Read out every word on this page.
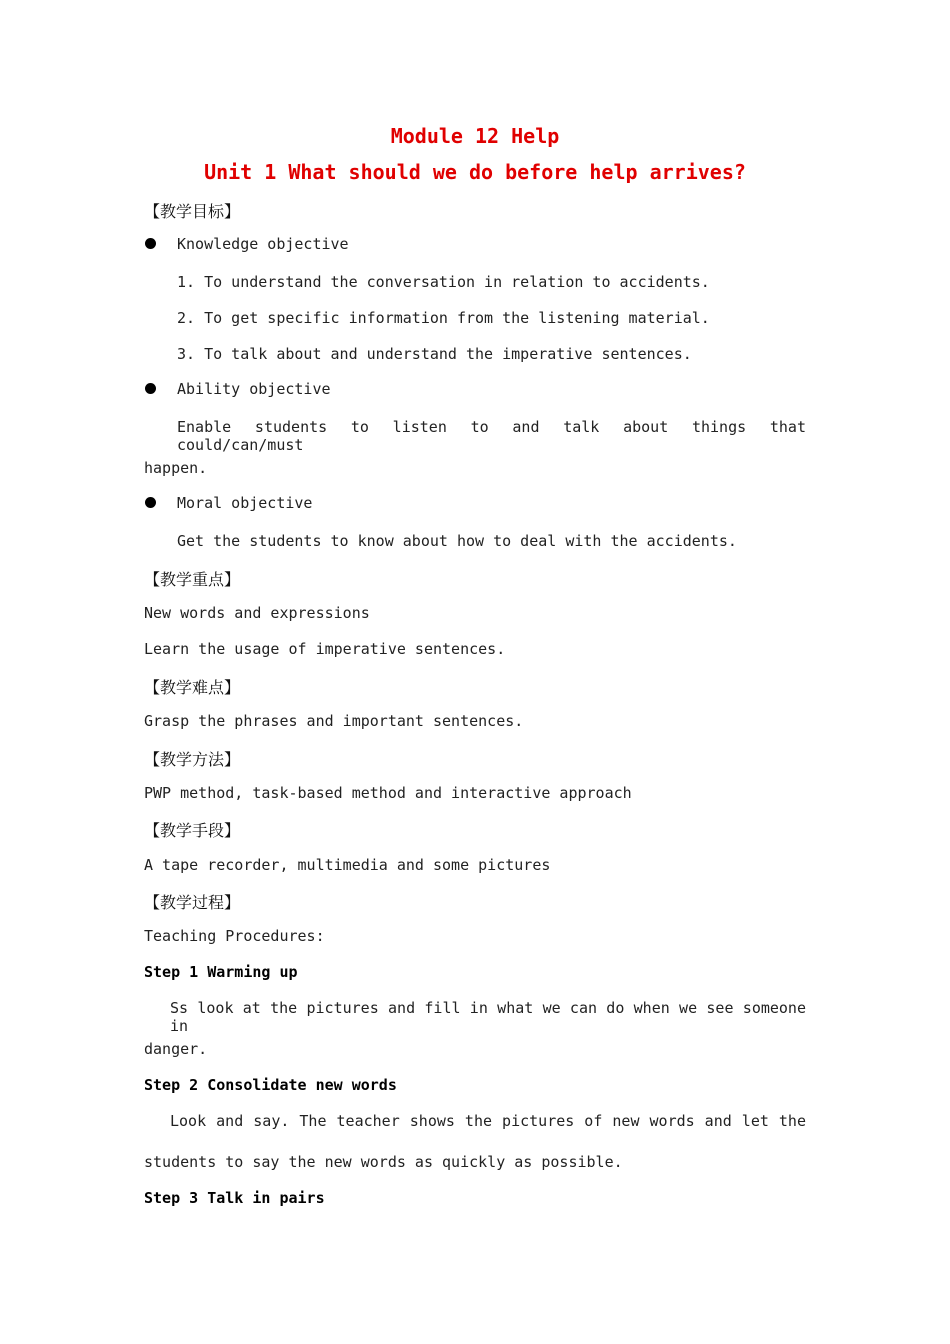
Module 12 Help
Unit 1 What should we do before help arrives?
【教学目标】
Knowledge objective
1. To understand the conversation in relation to accidents.
2. To get specific information from the listening material.
3. To talk about and understand the imperative sentences.
Ability objective
Enable students to listen to and talk about things that could/can/must
happen.
Moral objective
Get the students to know about how to deal with the accidents.
【教学重点】
New words and expressions
Learn the usage of imperative sentences.
【教学难点】
Grasp the phrases and important sentences.
【教学方法】
PWP method, task-based method and interactive approach
【教学手段】
A tape recorder, multimedia and some pictures
【教学过程】
Teaching Procedures:
Step 1 Warming up
Ss look at the pictures and fill in what we can do when we see someone in
danger.
Step 2 Consolidate new words
Look and say. The teacher shows the pictures of new words and let the
students to say the new words as quickly as possible.
Step 3 Talk in pairs
